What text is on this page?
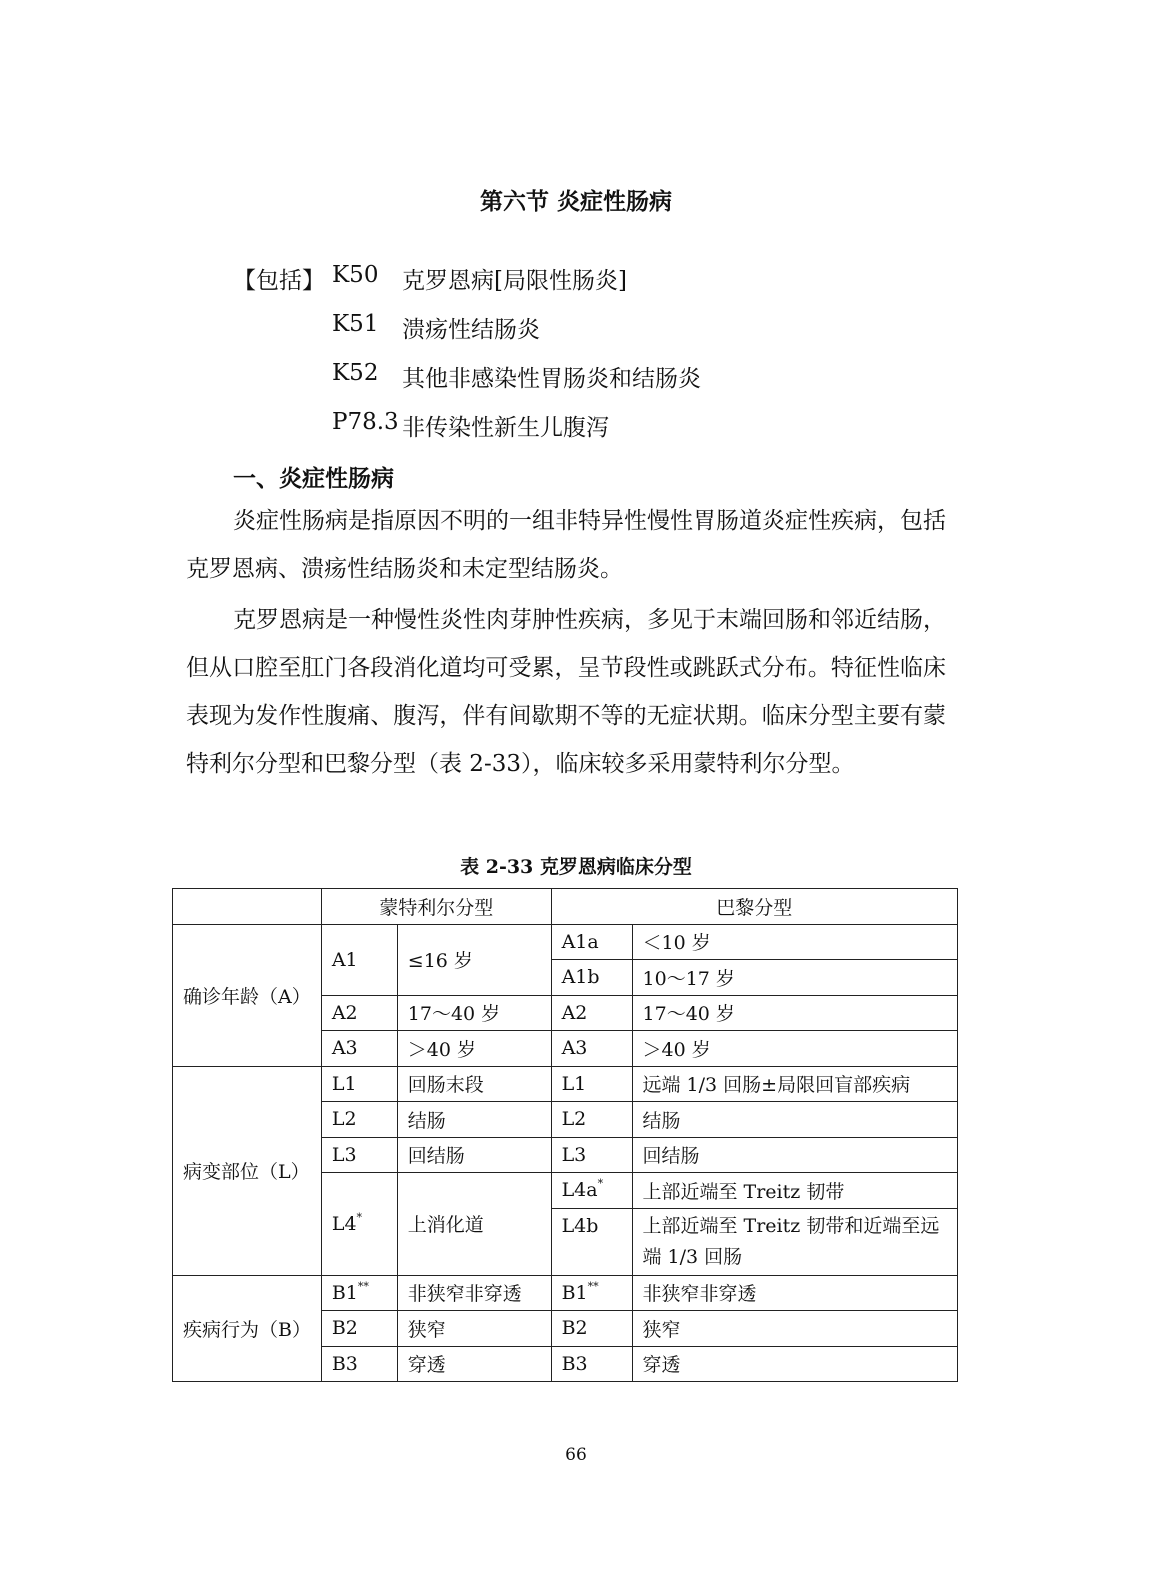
第六节 炎症性肠病
【包括】 K50 克罗恩病[局限性肠炎]
K51 溃疡性结肠炎
K52 其他非感染性胃肠炎和结肠炎
P78.3 非传染性新生儿腹泻
一、炎症性肠病

炎症性肠病是指原因不明的一组非特异性慢性胃肠道炎症性疾病，包括克罗恩病、溃疡性结肠炎和未定型结肠炎。

克罗恩病是一种慢性炎性肉芽肿性疾病，多见于末端回肠和邻近结肠，但从口腔至肛门各段消化道均可受累，呈节段性或跳跃式分布。特征性临床表现为发作性腹痛、腹泻，伴有间歇期不等的无症状期。临床分型主要有蒙特利尔分型和巴黎分型（表 2-33），临床较多采用蒙特利尔分型。

表 2-33 克罗恩病临床分型
	蒙特利尔分型		巴黎分型	
确诊年龄（A）	A1	≤16 岁	A1a	＜10 岁
			A1b	10～17 岁
	A2	17～40 岁	A2	17～40 岁
	A3	＞40 岁	A3	＞40 岁
病变部位（L）	L1	回肠末段	L1	远端 1/3 回肠±局限回盲部疾病
	L2	结肠	L2	结肠
	L3	回结肠	L3	回结肠
	L4*	上消化道	L4a*	上部近端至 Treitz 韧带
			L4b	上部近端至 Treitz 韧带和近端至远端 1/3 回肠
疾病行为（B）	B1**	非狭窄非穿透	B1**	非狭窄非穿透
	B2	狭窄	B2	狭窄
	B3	穿透	B3	穿透
66
